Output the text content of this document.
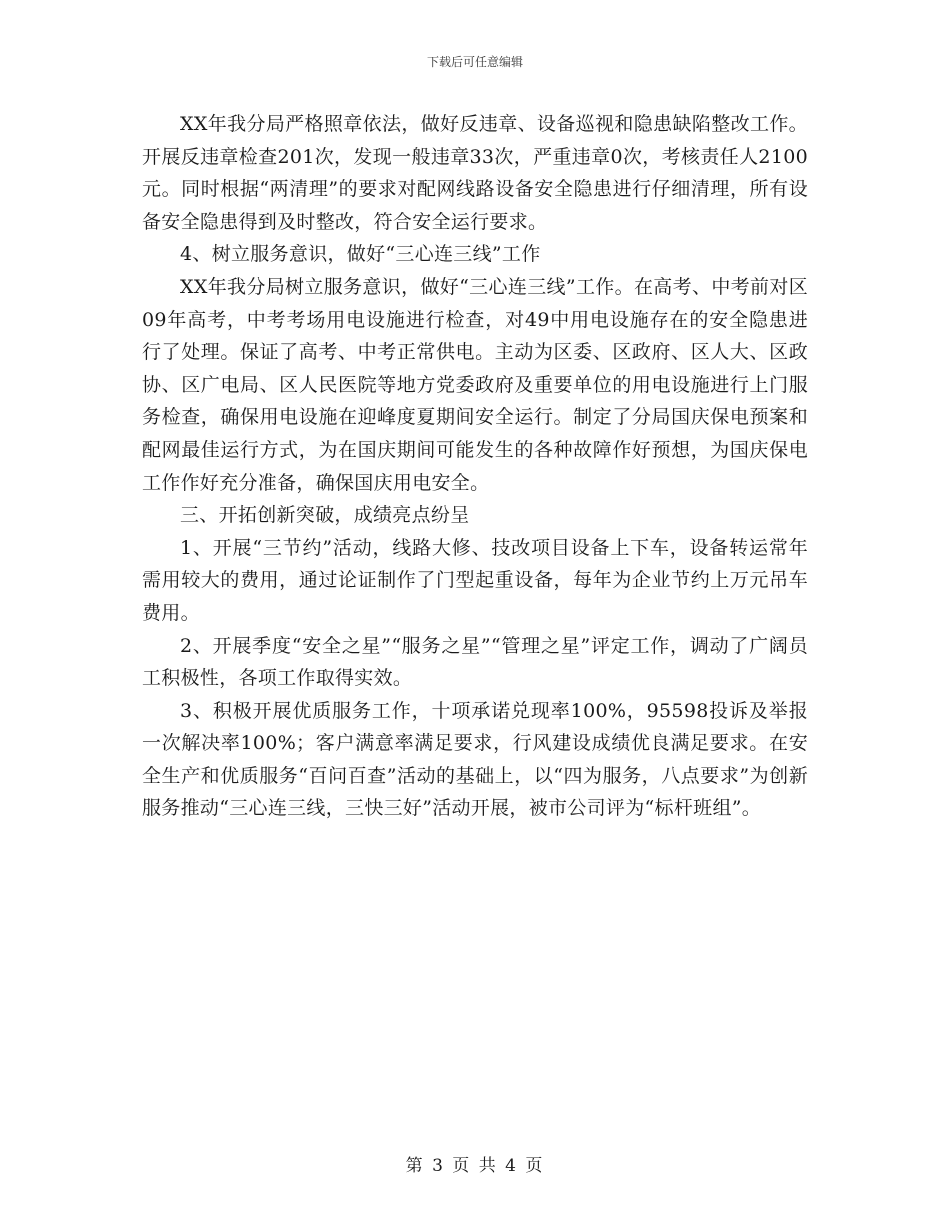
下载后可任意编辑

XX年我分局严格照章依法，做好反违章、设备巡视和隐患缺陷整改工作。开展反违章检查201次，发现一般违章33次，严重违章0次，考核责任人2100元。同时根据“两清理”的要求对配网线路设备安全隐患进行仔细清理，所有设备安全隐患得到及时整改，符合安全运行要求。

4、树立服务意识，做好“三心连三线”工作

XX年我分局树立服务意识，做好“三心连三线”工作。在高考、中考前对区09年高考，中考考场用电设施进行检查，对49中用电设施存在的安全隐患进行了处理。保证了高考、中考正常供电。主动为区委、区政府、区人大、区政协、区广电局、区人民医院等地方党委政府及重要单位的用电设施进行上门服务检查，确保用电设施在迎峰度夏期间安全运行。制定了分局国庆保电预案和配网最佳运行方式，为在国庆期间可能发生的各种故障作好预想，为国庆保电工作作好充分准备，确保国庆用电安全。

三、开拓创新突破，成绩亮点纷呈

1、开展“三节约”活动，线路大修、技改项目设备上下车，设备转运常年需用较大的费用，通过论证制作了门型起重设备，每年为企业节约上万元吊车费用。

2、开展季度“安全之星”“服务之星”“管理之星”评定工作，调动了广阔员工积极性，各项工作取得实效。

3、积极开展优质服务工作，十项承诺兑现率100%，95598投诉及举报一次解决率100%；客户满意率满足要求，行风建设成绩优良满足要求。在安全生产和优质服务“百问百查”活动的基础上，以“四为服务，八点要求”为创新服务推动“三心连三线，三快三好”活动开展，被市公司评为“标杆班组”。

第 3 页 共 4 页
